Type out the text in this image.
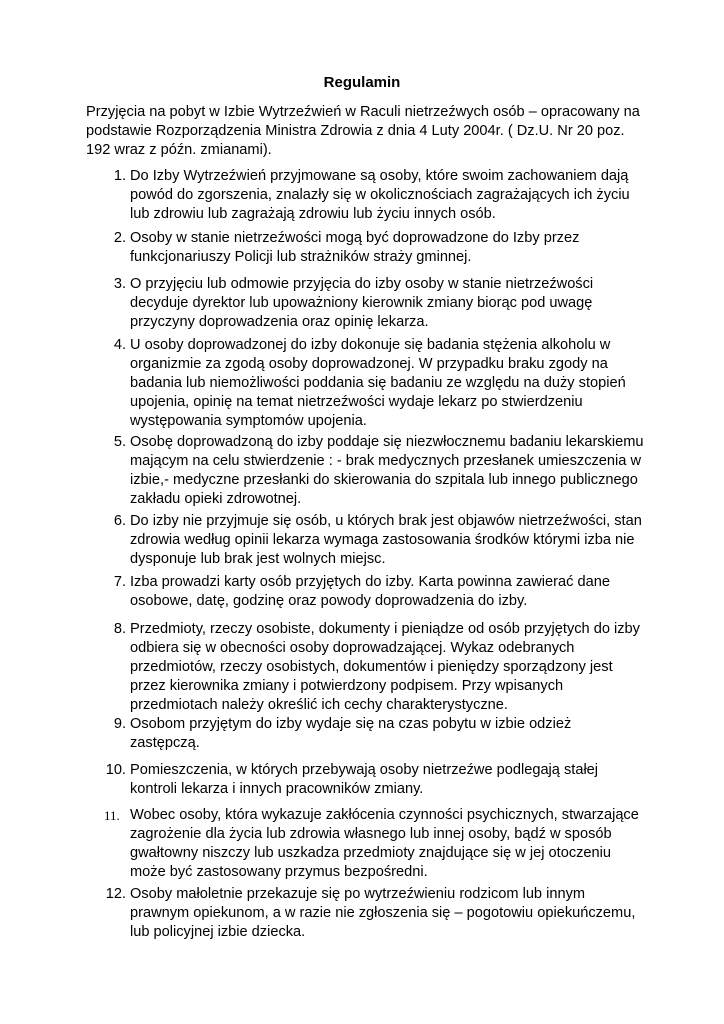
Regulamin
Przyjęcia na pobyt w Izbie Wytrzeźwień w Raculi nietrzeźwych osób – opracowany na podstawie Rozporządzenia Ministra Zdrowia z dnia 4 Luty 2004r. ( Dz.U. Nr 20 poz. 192 wraz z późn. zmianami).
1. Do Izby Wytrzeźwień przyjmowane są osoby, które swoim zachowaniem dają powód do zgorszenia, znalazły się w okolicznościach zagrażających ich życiu lub zdrowiu lub zagrażają zdrowiu lub życiu innych osób.
2. Osoby w stanie nietrzeźwości mogą być doprowadzone do Izby przez funkcjonariuszy Policji lub strażników straży gminnej.
3. O przyjęciu lub odmowie przyjęcia do izby osoby w stanie nietrzeźwości decyduje dyrektor lub upoważniony kierownik zmiany biorąc pod uwagę przyczyny doprowadzenia oraz opinię lekarza.
4. U osoby doprowadzonej do izby dokonuje się badania stężenia alkoholu w organizmie za zgodą osoby doprowadzonej. W przypadku braku zgody na badania lub niemożliwości poddania się badaniu ze względu na duży stopień upojenia, opinię na temat nietrzeźwości wydaje lekarz po stwierdzeniu występowania symptomów upojenia.
5. Osobę doprowadzoną do izby poddaje się niezwłocznemu badaniu lekarskiemu mającym na celu stwierdzenie : - brak medycznych przesłanek umieszczenia w izbie,- medyczne przesłanki do skierowania do szpitala lub innego publicznego zakładu opieki zdrowotnej.
6. Do izby nie przyjmuje się osób, u których brak jest objawów nietrzeźwości, stan zdrowia według opinii lekarza wymaga zastosowania środków którymi izba nie dysponuje lub brak jest wolnych miejsc.
7. Izba prowadzi karty osób przyjętych do izby. Karta powinna zawierać dane osobowe, datę, godzinę oraz powody doprowadzenia do izby.
8. Przedmioty, rzeczy osobiste, dokumenty i pieniądze od osób przyjętych do izby odbiera się w obecności osoby doprowadzającej. Wykaz odebranych przedmiotów, rzeczy osobistych, dokumentów i pieniędzy sporządzony jest przez kierownika zmiany i potwierdzony podpisem. Przy wpisanych przedmiotach należy określić ich cechy charakterystyczne.
9. Osobom przyjętym do izby wydaje się na czas pobytu w izbie odzież zastępczą.
10. Pomieszczenia, w których przebywają osoby nietrzeźwe podlegają stałej kontroli lekarza i innych pracowników zmiany.
11. Wobec osoby, która wykazuje zakłócenia czynności psychicznych, stwarzające zagrożenie dla życia lub zdrowia własnego lub innej osoby, bądź w sposób gwałtowny niszczy lub uszkadza przedmioty znajdujące się w jej otoczeniu może być zastosowany przymus bezpośredni.
12. Osoby małoletnie przekazuje się po wytrzeźwieniu rodzicom lub innym prawnym opiekunom, a w razie nie zgłoszenia się – pogotowiu opiekuńczemu, lub policyjnej izbie dziecka.
